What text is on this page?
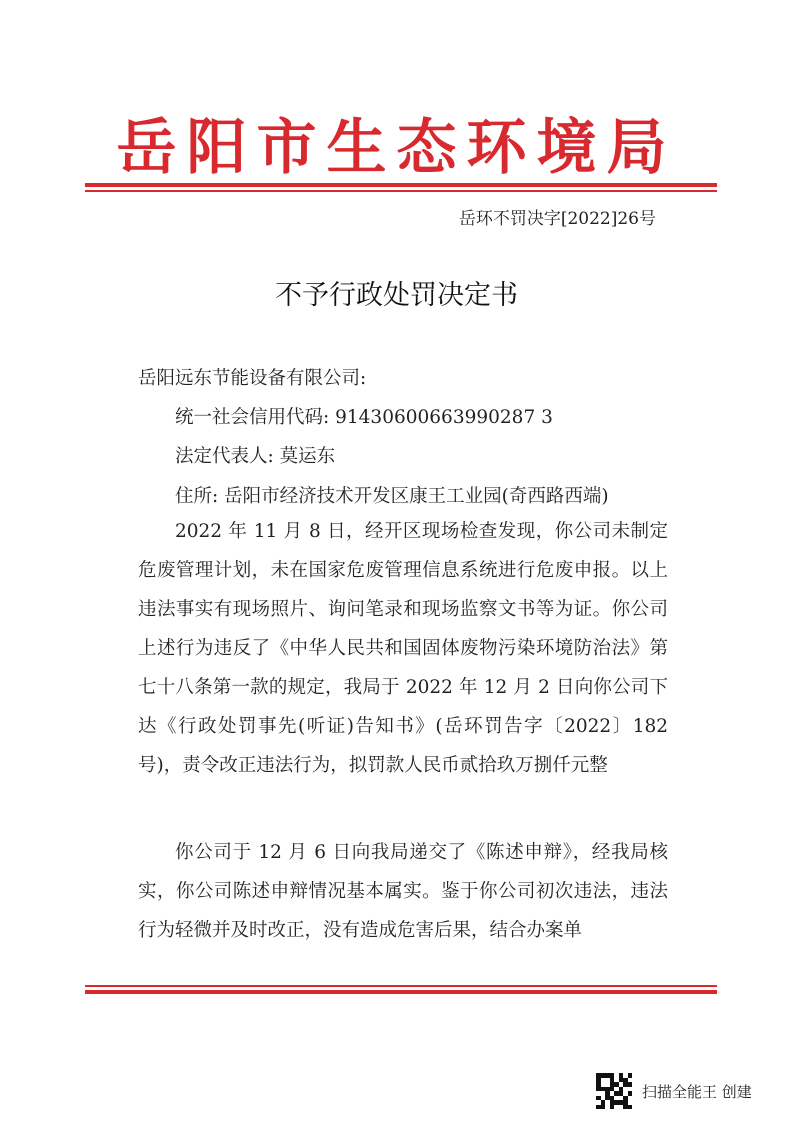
岳阳市生态环境局
岳环不罚决字[2022]26号
不予行政处罚决定书
岳阳远东节能设备有限公司:
统一社会信用代码: 91430600663990287 3
法定代表人: 莫运东
住所: 岳阳市经济技术开发区康王工业园(奇西路西端)

2022 年 11 月 8 日，经开区现场检查发现，你公司未制定危废管理计划，未在国家危废管理信息系统进行危废申报。以上违法事实有现场照片、询问笔录和现场监察文书等为证。你公司上述行为违反了《中华人民共和国固体废物污染环境防治法》第七十八条第一款的规定，我局于 2022 年 12 月 2 日向你公司下达《行政处罚事先(听证)告知书》(岳环罚告字〔2022〕182 号)，责令改正违法行为，拟罚款人民币贰拾玖万捌仟元整

你公司于 12 月 6 日向我局递交了《陈述申辩》，经我局核实，你公司陈述申辩情况基本属实。鉴于你公司初次违法，违法行为轻微并及时改正，没有造成危害后果，结合办案单

扫描全能王 创建
